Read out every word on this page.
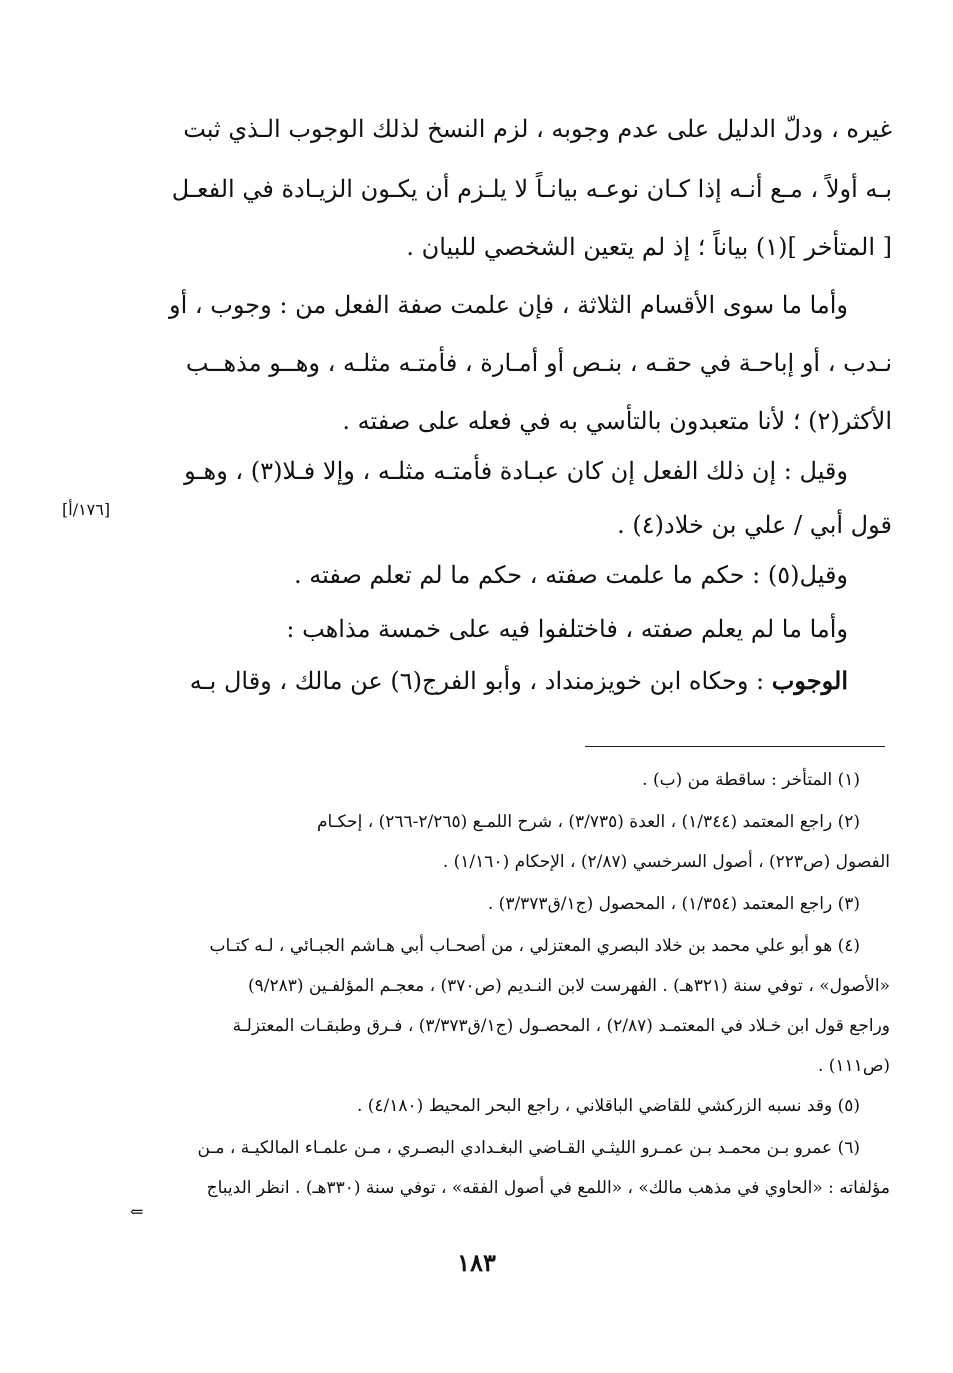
غيره ، ودلّ الدليل على عدم وجوبه ، لزم النسخ لذلك الوجوب الـذي ثبت
بـه أولاً ، مـع أنـه إذا كـان نوعـه بيانـاً لا يلـزم أن يكـون الزيـادة في الفعـل
[ المتأخر ](١) بياناً ؛ إذ لم يتعين الشخصي للبيان .
وأما ما سوى الأقسام الثلاثة ، فإن علمت صفة الفعل من : وجوب ، أو
نـدب ، أو إباحـة في حقـه ، بنـص أو أمـارة ، فأمتـه مثلـه ، وهــو مذهــب
الأكثر(٢) ؛ لأنا متعبدون بالتأسي به في فعله على صفته .
وقيل : إن ذلك الفعل إن كان عبـادة فأمتـه مثلـه ، وإلا فـلا(٣) ، وهـو
قول أبي / علي بن خلاد(٤) .
وقيل(٥) : حكم ما علمت صفته ، حكم ما لم تعلم صفته .
وأما ما لم يعلم صفته ، فاختلفوا فيه على خمسة مذاهب :
الوجوب : وحكاه ابن خويزمنداد ، وأبو الفرج(٦) عن مالك ، وقال بـه
[١٧٦/أ]
(١) المتأخر : ساقطة من (ب) .
(٢) راجع المعتمد (١/٣٤٤) ، العدة (٣/٧٣٥) ، شرح اللمـع (٢/٢٦٥-٢٦٦) ، إحكـام
الفصول (ص٢٢٣) ، أصول السرخسي (٢/٨٧) ، الإحكام (١/١٦٠) .
(٣) راجع المعتمد (١/٣٥٤) ، المحصول (ج١/ق٣/٣٧٣) .
(٤) هو أبو علي محمد بن خلاد البصري المعتزلي ، من أصحـاب أبي هـاشم الجبـائي ، لـه كتـاب
«الأصول» ، توفي سنة (٣٢١هـ) . الفهرست لابن النـديم (ص٣٧٠) ، معجـم المؤلفـين (٩/٢٨٣)
وراجع قول ابن خـلاد في المعتمـد (٢/٨٧) ، المحصـول (ج١/ق٣/٣٧٣) ، فـرق وطبقـات المعتزلـة
(ص١١١) .
(٥) وقد نسبه الزركشي للقاضي الباقلاني ، راجع البحر المحيط (٤/١٨٠) .
(٦) عمرو بـن محمـد بـن عمـرو الليثـي القـاضي البغـدادي البصـري ، مـن علمـاء المالكيـة ، مـن
مؤلفاته : «الحاوي في مذهب مالك» ، «اللمع في أصول الفقه» ، توفي سنة (٣٣٠هـ) . انظر الديباج
⇐
١٨٣
